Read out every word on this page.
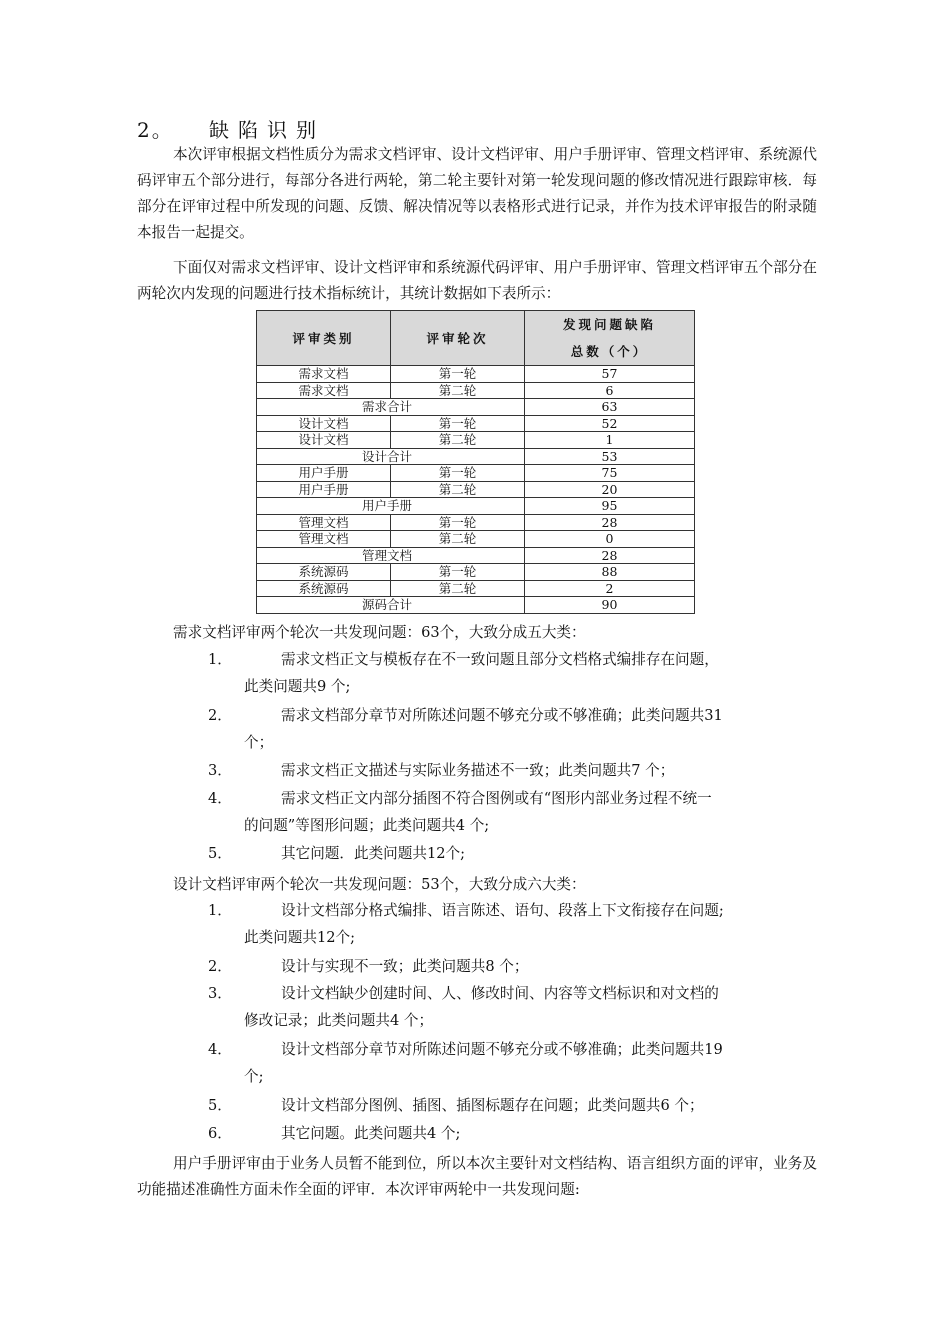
2。 缺陷识别
本次评审根据文档性质分为需求文档评审、设计文档评审、用户手册评审、管理文档评审、系统源代码评审五个部分进行，每部分各进行两轮，第二轮主要针对第一轮发现问题的修改情况进行跟踪审核．每部分在评审过程中所发现的问题、反馈、解决情况等以表格形式进行记录，并作为技术评审报告的附录随本报告一起提交。
下面仅对需求文档评审、设计文档评审和系统源代码评审、用户手册评审、管理文档评审五个部分在两轮次内发现的问题进行技术指标统计，其统计数据如下表所示：
评审类别	评审轮次	发现问题缺陷
总数（个）

需求文档	第一轮	57
需求文档	第二轮	6
需求合计		63
设计文档	第一轮	52
设计文档	第二轮	1
设计合计		53
用户手册	第一轮	75
用户手册	第二轮	20
用户手册		95
管理文档	第一轮	28
管理文档	第二轮	0
管理文档		28
系统源码	第一轮	88
系统源码	第二轮	2
源码合计		90
需求文档评审两个轮次一共发现问题：63个，大致分成五大类：
1．	需求文档正文与模板存在不一致问题且部分文档格式编排存在问题，
此类问题共9 个;
2．	需求文档部分章节对所陈述问题不够充分或不够准确；此类问题共31
个；
3．	需求文档正文描述与实际业务描述不一致；此类问题共7 个；
4．	需求文档正文内部分插图不符合图例或有“图形内部业务过程不统一
的问题”等图形问题；此类问题共4 个;
5．	其它问题．此类问题共12个;
设计文档评审两个轮次一共发现问题：53个，大致分成六大类：
1．	设计文档部分格式编排、语言陈述、语句、段落上下文衔接存在问题;
此类问题共12个;
2．	设计与实现不一致；此类问题共8 个；
3．	设计文档缺少创建时间、人、修改时间、内容等文档标识和对文档的
修改记录；此类问题共4 个；
4．	设计文档部分章节对所陈述问题不够充分或不够准确；此类问题共19
个;
5．	设计文档部分图例、插图、插图标题存在问题；此类问题共6 个；
6．	其它问题。此类问题共4 个;
用户手册评审由于业务人员暂不能到位，所以本次主要针对文档结构、语言组织方面的评审，业务及功能描述准确性方面未作全面的评审．本次评审两轮中一共发现问题:
